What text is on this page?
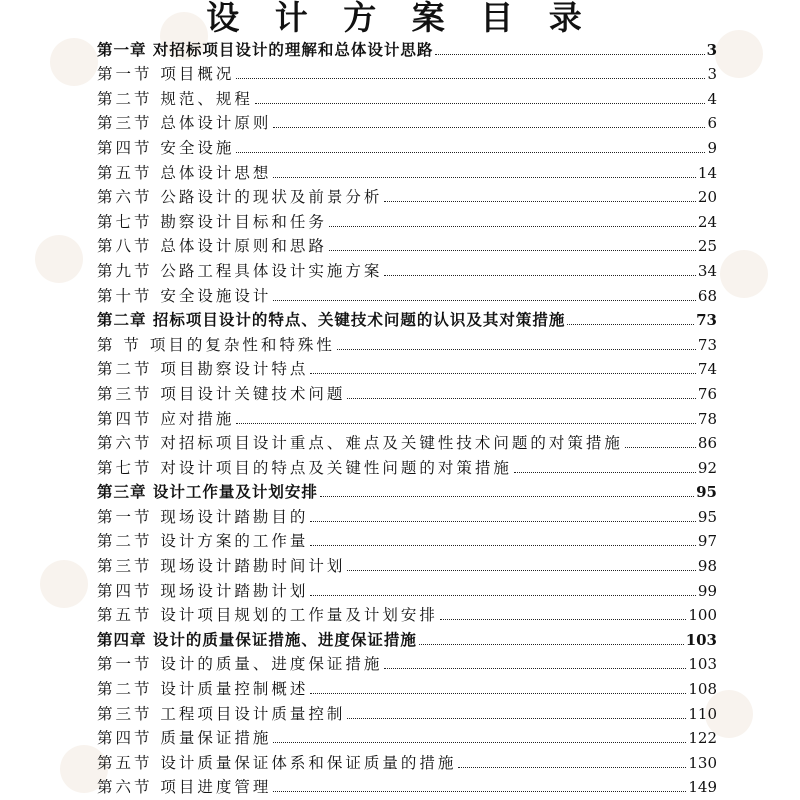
设 计 方 案 目 录
第一章 对招标项目设计的理解和总体设计思路	3
第一节 项目概况	3
第二节 规范、规程	4
第三节 总体设计原则	6
第四节 安全设施	9
第五节 总体设计思想	14
第六节 公路设计的现状及前景分析	20
第七节 勘察设计目标和任务	24
第八节 总体设计原则和思路	25
第九节 公路工程具体设计实施方案	34
第十节 安全设施设计	68
第二章 招标项目设计的特点、关键技术问题的认识及其对策措施	73
第 节 项目的复杂性和特殊性	73
第二节 项目勘察设计特点	74
第三节 项目设计关键技术问题	76
第四节 应对措施	78
第六节 对招标项目设计重点、难点及关键性技术问题的对策措施	86
第七节 对设计项目的特点及关键性问题的对策措施	92
第三章 设计工作量及计划安排	95
第一节 现场设计踏勘目的	95
第二节 设计方案的工作量	97
第三节 现场设计踏勘时间计划	98
第四节 现场设计踏勘计划	99
第五节 设计项目规划的工作量及计划安排	100
第四章 设计的质量保证措施、进度保证措施	103
第一节 设计的质量、进度保证措施	103
第二节 设计质量控制概述	108
第三节 工程项目设计质量控制	110
第四节 质量保证措施	122
第五节 设计质量保证体系和保证质量的措施	130
第六节 项目进度管理	149
